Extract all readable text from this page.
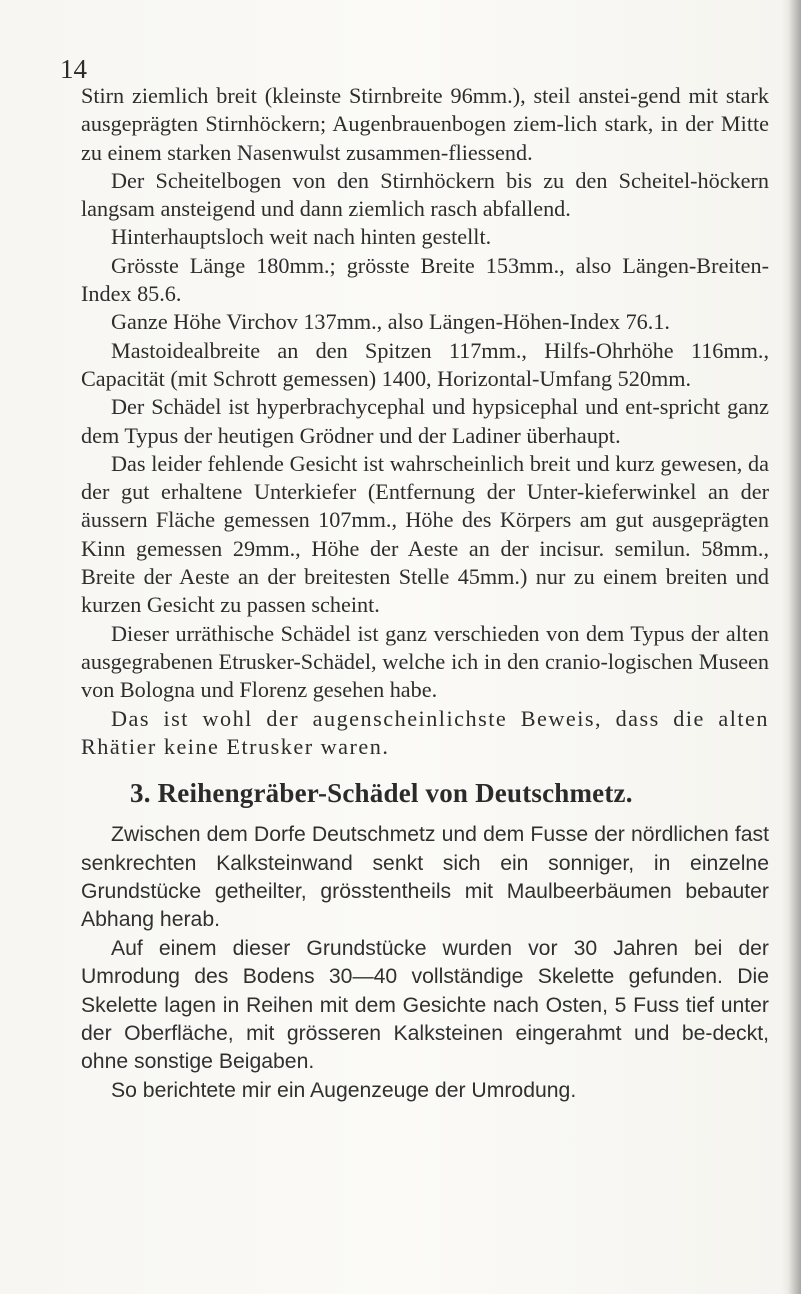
14

Stirn ziemlich breit (kleinste Stirnbreite 96mm.), steil anstei-gend mit stark ausgeprägten Stirnhöckern; Augenbrauenbogen ziem-lich stark, in der Mitte zu einem starken Nasenwulst zusammen-fliessend.

Der Scheitelbogen von den Stirnhöckern bis zu den Scheitel-höckern langsam ansteigend und dann ziemlich rasch abfallend.

Hinterhauptsloch weit nach hinten gestellt.

Grösste Länge 180mm.; grösste Breite 153mm., also Längen-Breiten-Index 85.6.

Ganze Höhe Virchov 137mm., also Längen-Höhen-Index 76.1.

Mastoidealbreite an den Spitzen 117mm., Hilfs-Ohrhöhe 116mm., Capacität (mit Schrott gemessen) 1400, Horizontal-Umfang 520mm.

Der Schädel ist hyperbrachycephal und hypsicephal und ent-spricht ganz dem Typus der heutigen Grödner und der Ladiner überhaupt.

Das leider fehlende Gesicht ist wahrscheinlich breit und kurz gewesen, da der gut erhaltene Unterkiefer (Entfernung der Unter-kieferwinkel an der äussern Fläche gemessen 107mm., Höhe des Körpers am gut ausgeprägten Kinn gemessen 29mm., Höhe der Aeste an der incisur. semilun. 58mm., Breite der Aeste an der breitesten Stelle 45mm.) nur zu einem breiten und kurzen Gesicht zu passen scheint.

Dieser urräthische Schädel ist ganz verschieden von dem Typus der alten ausgegrabenen Etrusker-Schädel, welche ich in den cranio-logischen Museen von Bologna und Florenz gesehen habe.

Das ist wohl der augenscheinlichste Beweis, dass die alten Rhätier keine Etrusker waren.

3. Reihengräber-Schädel von Deutschmetz.

Zwischen dem Dorfe Deutschmetz und dem Fusse der nördlichen fast senkrechten Kalksteinwand senkt sich ein sonniger, in einzelne Grundstücke getheilter, grösstentheils mit Maulbeerbäumen bebauter Abhang herab.

Auf einem dieser Grundstücke wurden vor 30 Jahren bei der Umrodung des Bodens 30—40 vollständige Skelette gefunden. Die Skelette lagen in Reihen mit dem Gesichte nach Osten, 5 Fuss tief unter der Oberfläche, mit grösseren Kalksteinen eingerahmt und be-deckt, ohne sonstige Beigaben.

So berichtete mir ein Augenzeuge der Umrodung.
